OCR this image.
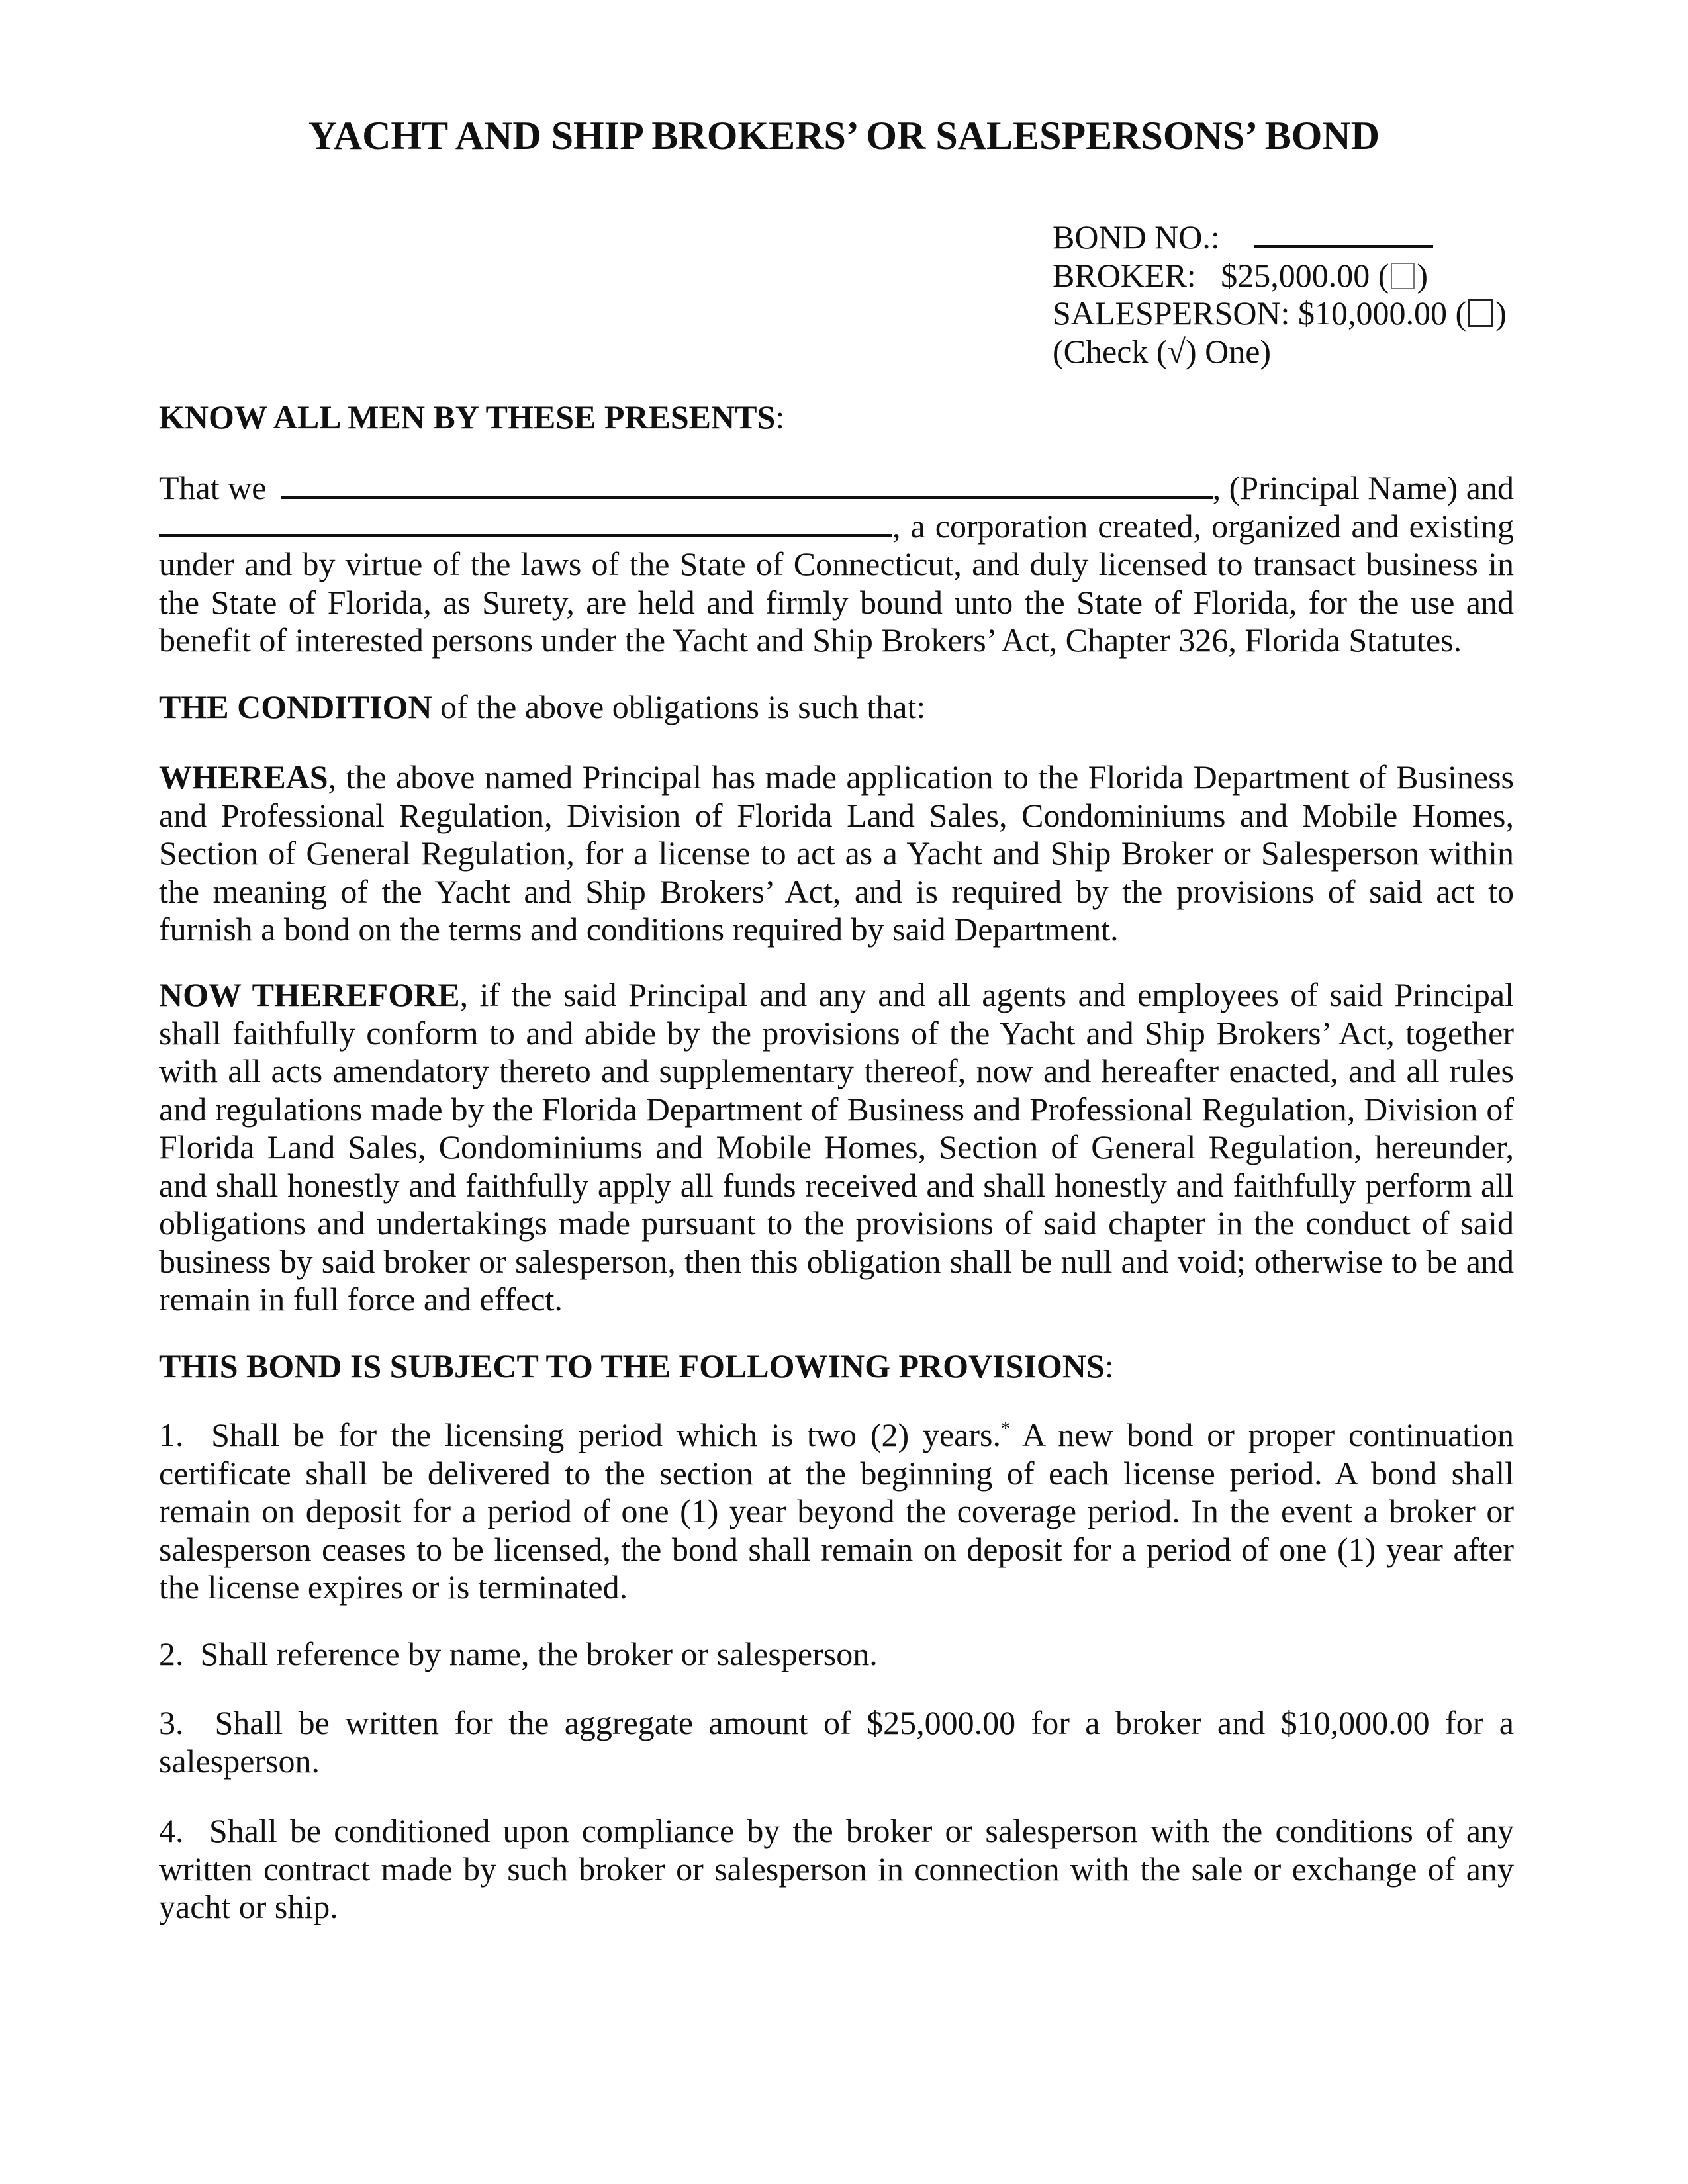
YACHT AND SHIP BROKERS’ OR SALESPERSONS’ BOND
BOND NO.:
BROKER: $25,000.00 ( )
SALESPERSON: $10,000.00 ( )
(Check (√) One)
KNOW ALL MEN BY THESE PRESENTS:
That we	, (Principal Name) and
, a corporation created, organized and existing

under and by virtue of the laws of the State of Connecticut, and duly licensed to transact business in the State of Florida, as Surety, are held and firmly bound unto the State of Florida, for the use and benefit of interested persons under the Yacht and Ship Brokers’ Act, Chapter 326, Florida Statutes.

THE CONDITION of the above obligations is such that:

WHEREAS, the above named Principal has made application to the Florida Department of Business and Professional Regulation, Division of Florida Land Sales, Condominiums and Mobile Homes, Section of General Regulation, for a license to act as a Yacht and Ship Broker or Salesperson within the meaning of the Yacht and Ship Brokers’ Act, and is required by the provisions of said act to furnish a bond on the terms and conditions required by said Department.

NOW THEREFORE, if the said Principal and any and all agents and employees of said Principal shall faithfully conform to and abide by the provisions of the Yacht and Ship Brokers’ Act, together with all acts amendatory thereto and supplementary thereof, now and hereafter enacted, and all rules and regulations made by the Florida Department of Business and Professional Regulation, Division of Florida Land Sales, Condominiums and Mobile Homes, Section of General Regulation, hereunder, and shall honestly and faithfully apply all funds received and shall honestly and faithfully perform all obligations and undertakings made pursuant to the provisions of said chapter in the conduct of said business by said broker or salesperson, then this obligation shall be null and void; otherwise to be and remain in full force and effect.

THIS BOND IS SUBJECT TO THE FOLLOWING PROVISIONS:

1. Shall be for the licensing period which is two (2) years.* A new bond or proper continuation certificate shall be delivered to the section at the beginning of each license period. A bond shall remain on deposit for a period of one (1) year beyond the coverage period. In the event a broker or salesperson ceases to be licensed, the bond shall remain on deposit for a period of one (1) year after the license expires or is terminated.

2. Shall reference by name, the broker or salesperson.

3. Shall be written for the aggregate amount of $25,000.00 for a broker and $10,000.00 for a salesperson.

4. Shall be conditioned upon compliance by the broker or salesperson with the conditions of any written contract made by such broker or salesperson in connection with the sale or exchange of any yacht or ship.
